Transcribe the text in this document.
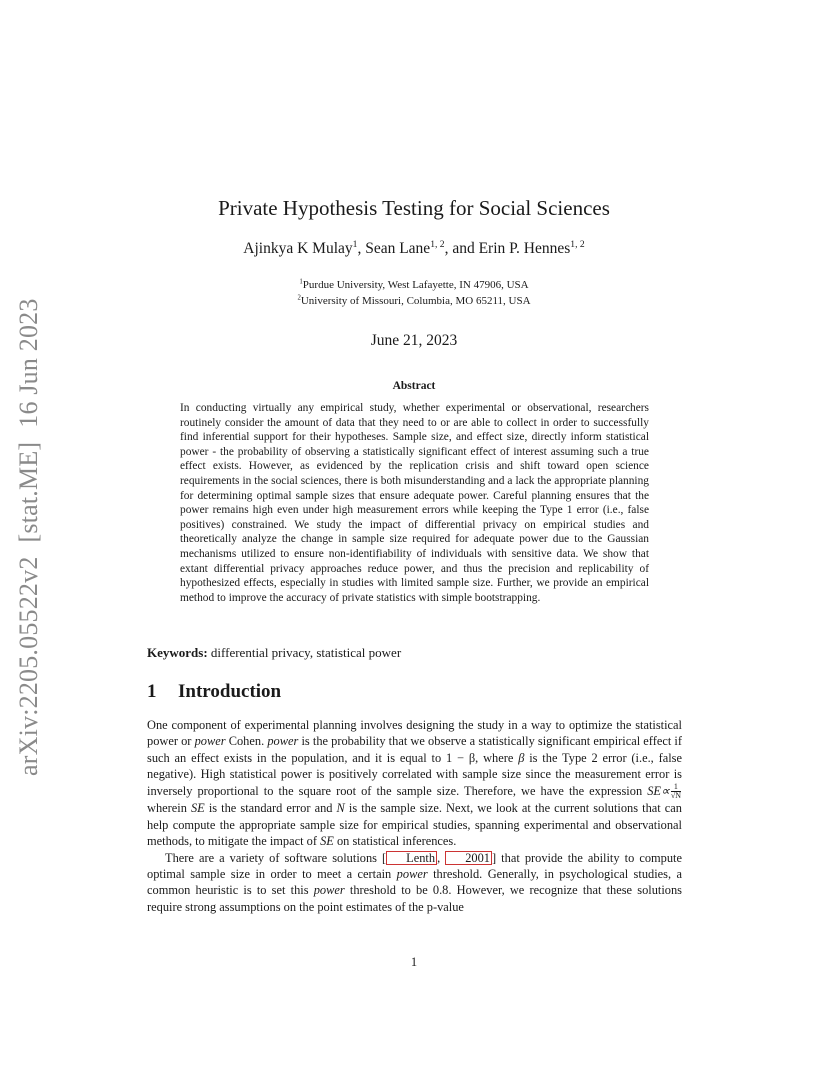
arXiv:2205.05522v2[stat.ME]16 Jun 2023
Private Hypothesis Testing for Social Sciences
Ajinkya K Mulay$^1$, Sean Lane$^{1, 2}$, and Erin P. Hennes$^{1, 2}$
$^1$Purdue University, West Lafayette, IN 47906, USA
$^2$University of Missouri, Columbia, MO 65211, USA
June 21, 2023
Abstract
In conducting virtually any empirical study, whether experimental or observational, researchers routinely consider the amount of data that they need to or are able to collect in order to successfully find inferential support for their hypotheses. Sample size, and effect size, directly inform statistical power - the probability of observing a statistically significant effect of interest assuming such a true effect exists. However, as evidenced by the replication crisis and shift toward open science requirements in the social sciences, there is both misunderstanding and a lack the appropriate planning for determining optimal sample sizes that ensure adequate power. Careful planning ensures that the power remains high even under high measurement errors while keeping the Type 1 error (i.e., false positives) constrained. We study the impact of differential privacy on empirical studies and theoretically analyze the change in sample size required for adequate power due to the Gaussian mechanisms utilized to ensure non-identifiability of individuals with sensitive data. We show that extant differential privacy approaches reduce power, and thus the precision and replicability of hypothesized effects, especially in studies with limited sample size. Further, we provide an empirical method to improve the accuracy of private statistics with simple bootstrapping.
Keywords: differential privacy, statistical power
1 Introduction

One component of experimental planning involves designing the study in a way to optimize the statistical power or power Cohen. power is the probability that we observe a statistically significant empirical effect if such an effect exists in the population, and it is equal to 1 − β, where β is the Type 2 error (i.e., false negative). High statistical power is positively correlated with sample size since the measurement error is inversely proportional to the square root of the sample size. Therefore, we have the expression $SE\propto \frac{1}{√N}$
wherein SE is the standard error and N is the sample size. Next, we look at the current solutions that can help compute the appropriate sample size for empirical studies, spanning experimental and observational methods, to mitigate the impact of SE on statistical inferences.

There are a variety of software solutions [ Lenth , 2001 ] that provide the ability to compute optimal sample size in order to meet a certain power threshold. Generally, in psychological studies, a common heuristic is to set this power threshold to be 0.8. However, we recognize that these solutions require strong assumptions on the point estimates of the p-value

1
